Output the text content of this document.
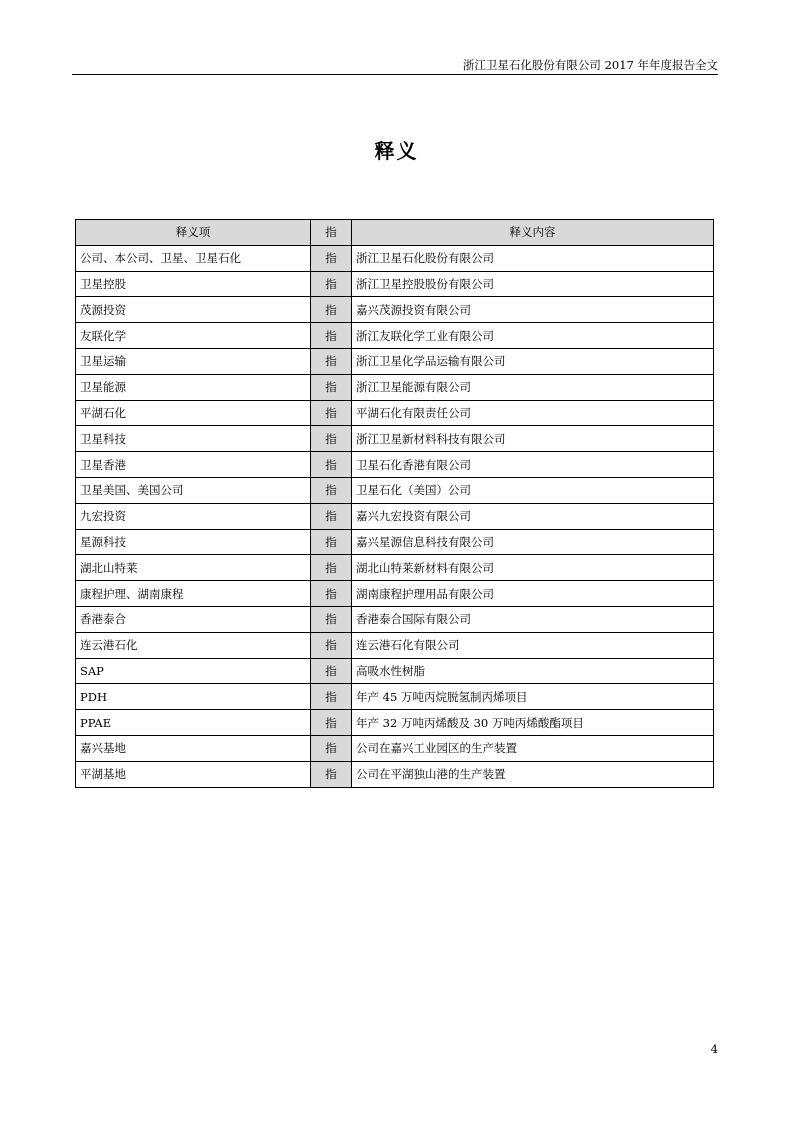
浙江卫星石化股份有限公司 2017 年年度报告全文
释义
释义项	指	释义内容
公司、本公司、卫星、卫星石化	指	浙江卫星石化股份有限公司
卫星控股	指	浙江卫星控股股份有限公司
茂源投资	指	嘉兴茂源投资有限公司
友联化学	指	浙江友联化学工业有限公司
卫星运输	指	浙江卫星化学品运输有限公司
卫星能源	指	浙江卫星能源有限公司
平湖石化	指	平湖石化有限责任公司
卫星科技	指	浙江卫星新材料科技有限公司
卫星香港	指	卫星石化香港有限公司
卫星美国、美国公司	指	卫星石化（美国）公司
九宏投资	指	嘉兴九宏投资有限公司
星源科技	指	嘉兴星源信息科技有限公司
湖北山特莱	指	湖北山特莱新材料有限公司
康程护理、湖南康程	指	湖南康程护理用品有限公司
香港泰合	指	香港泰合国际有限公司
连云港石化	指	连云港石化有限公司
SAP	指	高吸水性树脂
PDH	指	年产 45 万吨丙烷脱氢制丙烯项目
PPAE	指	年产 32 万吨丙烯酸及 30 万吨丙烯酸酯项目
嘉兴基地	指	公司在嘉兴工业园区的生产装置
平湖基地	指	公司在平湖独山港的生产装置
4
